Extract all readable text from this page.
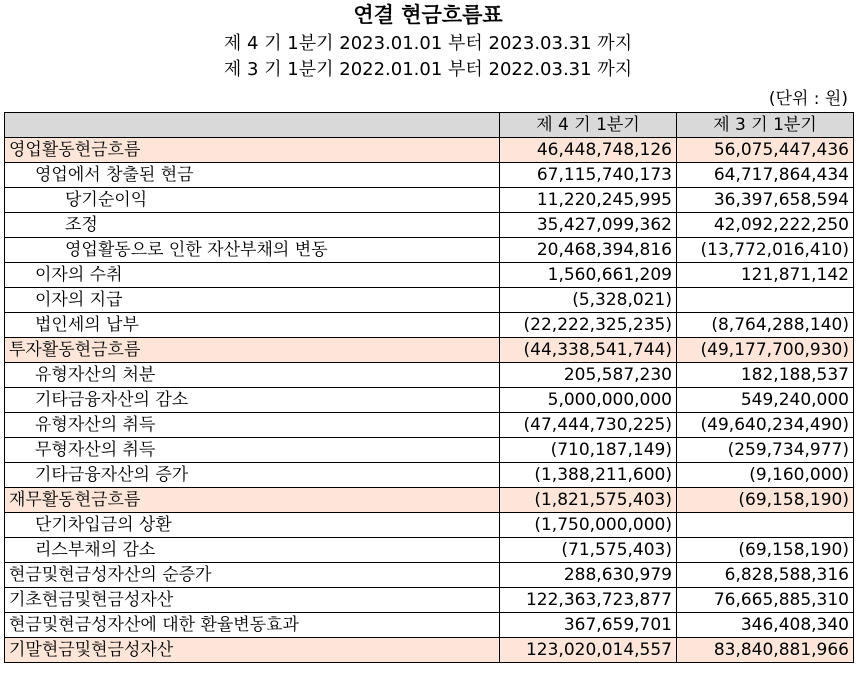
연결 현금흐름표
제 4 기 1분기 2023.01.01 부터 2023.03.31 까지
제 3 기 1분기 2022.01.01 부터 2022.03.31 까지
(단위 : 원)
	제 4 기 1분기	제 3 기 1분기
영업활동현금흐름	46,448,748,126	56,075,447,436
영업에서 창출된 현금	67,115,740,173	64,717,864,434
당기순이익	11,220,245,995	36,397,658,594
조정	35,427,099,362	42,092,222,250
영업활동으로 인한 자산부채의 변동	20,468,394,816	(13,772,016,410)
이자의 수취	1,560,661,209	121,871,142
이자의 지급	(5,328,021)	
법인세의 납부	(22,222,325,235)	(8,764,288,140)
투자활동현금흐름	(44,338,541,744)	(49,177,700,930)
유형자산의 처분	205,587,230	182,188,537
기타금융자산의 감소	5,000,000,000	549,240,000
유형자산의 취득	(47,444,730,225)	(49,640,234,490)
무형자산의 취득	(710,187,149)	(259,734,977)
기타금융자산의 증가	(1,388,211,600)	(9,160,000)
재무활동현금흐름	(1,821,575,403)	(69,158,190)
단기차입금의 상환	(1,750,000,000)	
리스부채의 감소	(71,575,403)	(69,158,190)
현금및현금성자산의 순증가	288,630,979	6,828,588,316
기초현금및현금성자산	122,363,723,877	76,665,885,310
현금및현금성자산에 대한 환율변동효과	367,659,701	346,408,340
기말현금및현금성자산	123,020,014,557	83,840,881,966
